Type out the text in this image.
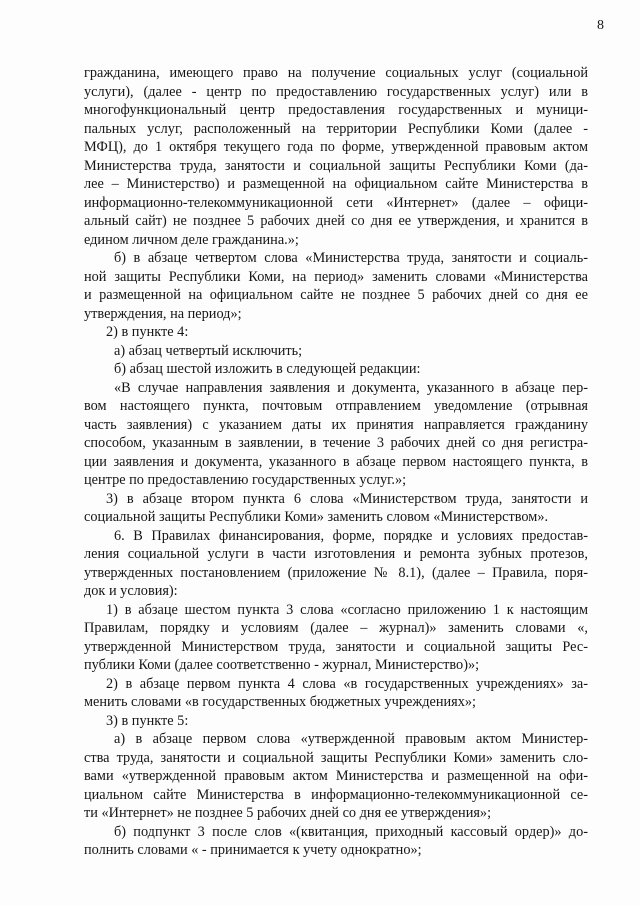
8
гражданина, имеющего право на получение социальных услуг (социальной
услуги), (далее - центр по предоставлению государственных услуг) или в
многофункциональный центр предоставления государственных и муници-
пальных услуг, расположенный на территории Республики Коми (далее -
МФЦ), до 1 октября текущего года по форме, утвержденной правовым актом
Министерства труда, занятости и социальной защиты Республики Коми (да-
лее – Министерство) и размещенной на официальном сайте Министерства в
информационно-телекоммуникационной сети «Интернет» (далее – офици-
альный сайт) не позднее 5 рабочих дней со дня ее утверждения, и хранится в
едином личном деле гражданина.»;
б) в абзаце четвертом слова «Министерства труда, занятости и социаль-
ной защиты Республики Коми, на период» заменить словами «Министерства
и размещенной на официальном сайте не позднее 5 рабочих дней со дня ее
утверждения, на период»;
2) в пункте 4:
а) абзац четвертый исключить;
б) абзац шестой изложить в следующей редакции:
«В случае направления заявления и документа, указанного в абзаце пер-
вом настоящего пункта, почтовым отправлением уведомление (отрывная
часть заявления) с указанием даты их принятия направляется гражданину
способом, указанным в заявлении, в течение 3 рабочих дней со дня регистра-
ции заявления и документа, указанного в абзаце первом настоящего пункта, в
центре по предоставлению государственных услуг.»;
3) в абзаце втором пункта 6 слова «Министерством труда, занятости и
социальной защиты Республики Коми» заменить словом «Министерством».
6. В Правилах финансирования, форме, порядке и условиях предостав-
ления социальной услуги в части изготовления и ремонта зубных протезов,
утвержденных постановлением (приложение № 8.1), (далее – Правила, поря-
док и условия):
1) в абзаце шестом пункта 3 слова «согласно приложению 1 к настоящим
Правилам, порядку и условиям (далее – журнал)» заменить словами «,
утвержденной Министерством труда, занятости и социальной защиты Рес-
публики Коми (далее соответственно - журнал, Министерство)»;
2) в абзаце первом пункта 4 слова «в государственных учреждениях» за-
менить словами «в государственных бюджетных учреждениях»;
3) в пункте 5:
а) в абзаце первом слова «утвержденной правовым актом Министер-
ства труда, занятости и социальной защиты Республики Коми» заменить сло-
вами «утвержденной правовым актом Министерства и размещенной на офи-
циальном сайте Министерства в информационно-телекоммуникационной се-
ти «Интернет» не позднее 5 рабочих дней со дня ее утверждения»;
б) подпункт 3 после слов «(квитанция, приходный кассовый ордер)» до-
полнить словами « - принимается к учету однократно»;
